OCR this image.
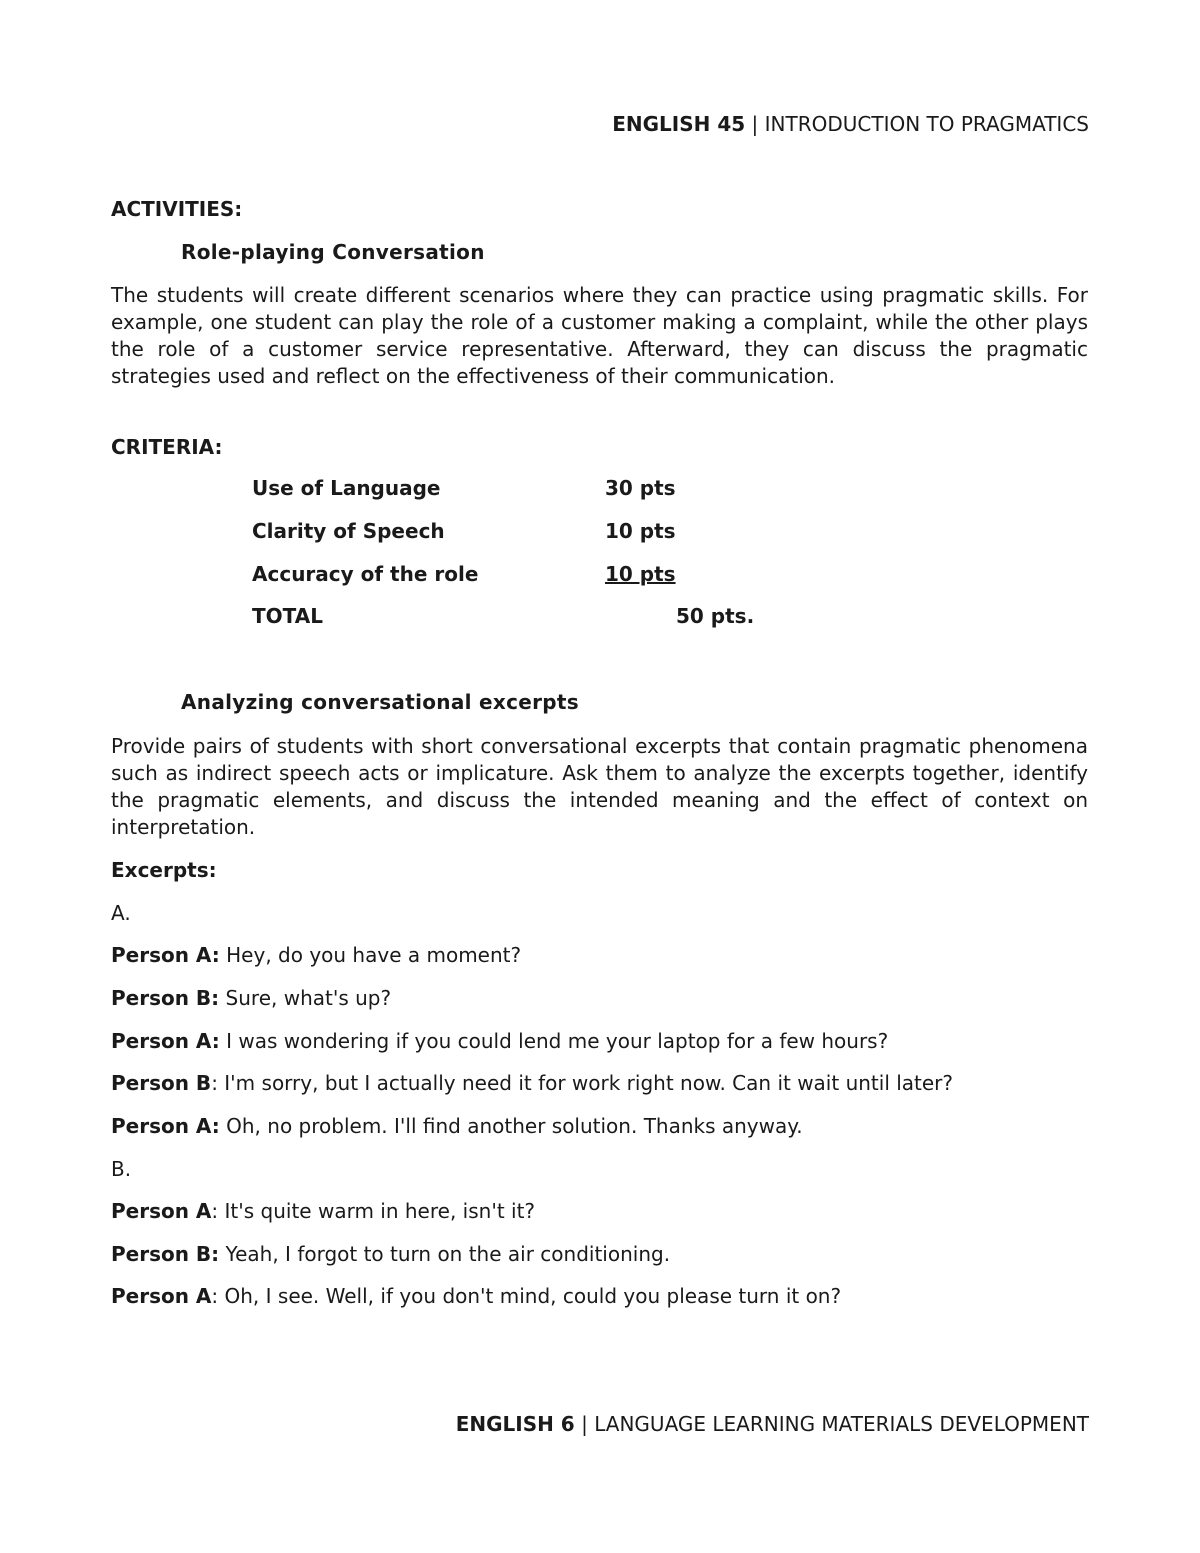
ENGLISH 45 | INTRODUCTION TO PRAGMATICS
ACTIVITIES:
Role-playing Conversation
The students will create different scenarios where they can practice using pragmatic skills. For example, one student can play the role of a customer making a complaint, while the other plays the role of a customer service representative. Afterward, they can discuss the pragmatic strategies used and reflect on the effectiveness of their communication.
CRITERIA:
Use of Language	30 pts
Clarity of Speech	10 pts
Accuracy of the role	10 pts
TOTAL	50 pts.
Analyzing conversational excerpts
Provide pairs of students with short conversational excerpts that contain pragmatic phenomena such as indirect speech acts or implicature. Ask them to analyze the excerpts together, identify the pragmatic elements, and discuss the intended meaning and the effect of context on interpretation.
Excerpts:
A.
Person A: Hey, do you have a moment?
Person B: Sure, what's up?
Person A: I was wondering if you could lend me your laptop for a few hours?
Person B: I'm sorry, but I actually need it for work right now. Can it wait until later?
Person A: Oh, no problem. I'll find another solution. Thanks anyway.
B.
Person A: It's quite warm in here, isn't it?
Person B: Yeah, I forgot to turn on the air conditioning.
Person A: Oh, I see. Well, if you don't mind, could you please turn it on?
ENGLISH 6 | LANGUAGE LEARNING MATERIALS DEVELOPMENT
